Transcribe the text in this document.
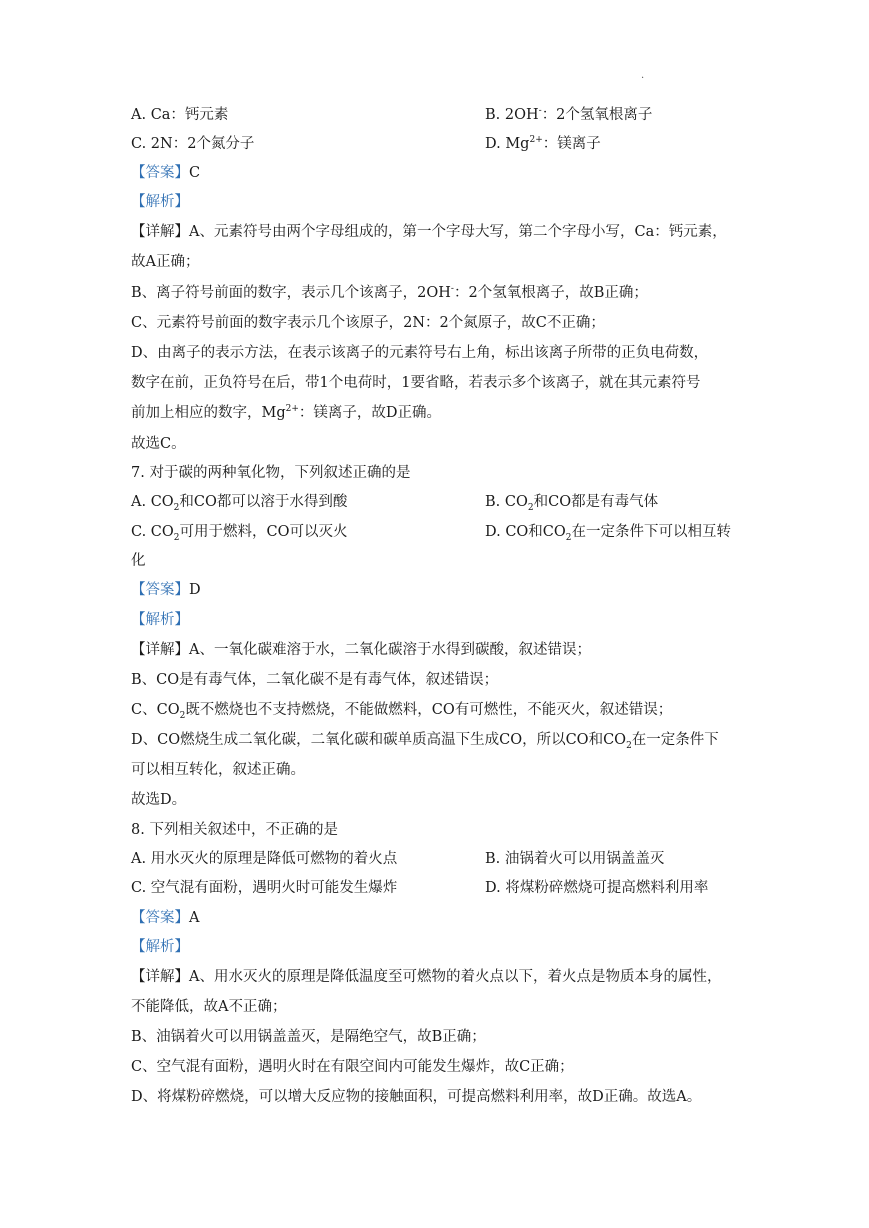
.
A. Ca：钙元素	B. 2OH-：2个氢氧根离子
C. 2N：2个氮分子	D. $Mg^{2+}$：镁离子
【答案】C
【解析】
【详解】A、元素符号由两个字母组成的，第一个字母大写，第二个字母小写，Ca：钙元素，
故A正确；
B、离子符号前面的数字，表示几个该离子，2OH-：2个氢氧根离子，故B正确；
C、元素符号前面的数字表示几个该原子，2N：2个氮原子，故C不正确；
D、由离子的表示方法，在表示该离子的元素符号右上角，标出该离子所带的正负电荷数，
数字在前，正负符号在后，带1个电荷时，1要省略，若表示多个该离子，就在其元素符号
前加上相应的数字，$Mg^{2+}$：镁离子，故D正确。
故选C。
7. 对于碳的两种氧化物，下列叙述正确的是
A. $CO_2$和CO都可以溶于水得到酸	B. $CO_2$和CO都是有毒气体
C. $CO_2$可用于燃料，CO可以灭火	D. CO和$CO_2$在一定条件下可以相互转
化
【答案】D
【解析】
【详解】A、一氧化碳难溶于水，二氧化碳溶于水得到碳酸，叙述错误；
B、CO是有毒气体，二氧化碳不是有毒气体，叙述错误；
C、$CO_2$既不燃烧也不支持燃烧，不能做燃料，CO有可燃性，不能灭火，叙述错误；
D、CO燃烧生成二氧化碳，二氧化碳和碳单质高温下生成CO，所以CO和$CO_2$在一定条件下
可以相互转化，叙述正确。
故选D。
8. 下列相关叙述中，不正确的是
A. 用水灭火的原理是降低可燃物的着火点	B. 油锅着火可以用锅盖盖灭
C. 空气混有面粉，遇明火时可能发生爆炸	D. 将煤粉碎燃烧可提高燃料利用率
【答案】A
【解析】
【详解】A、用水灭火的原理是降低温度至可燃物的着火点以下，着火点是物质本身的属性，
不能降低，故A不正确；
B、油锅着火可以用锅盖盖灭，是隔绝空气，故B正确；
C、空气混有面粉，遇明火时在有限空间内可能发生爆炸，故C正确；
D、将煤粉碎燃烧，可以增大反应物的接触面积，可提高燃料利用率，故D正确。故选A。
